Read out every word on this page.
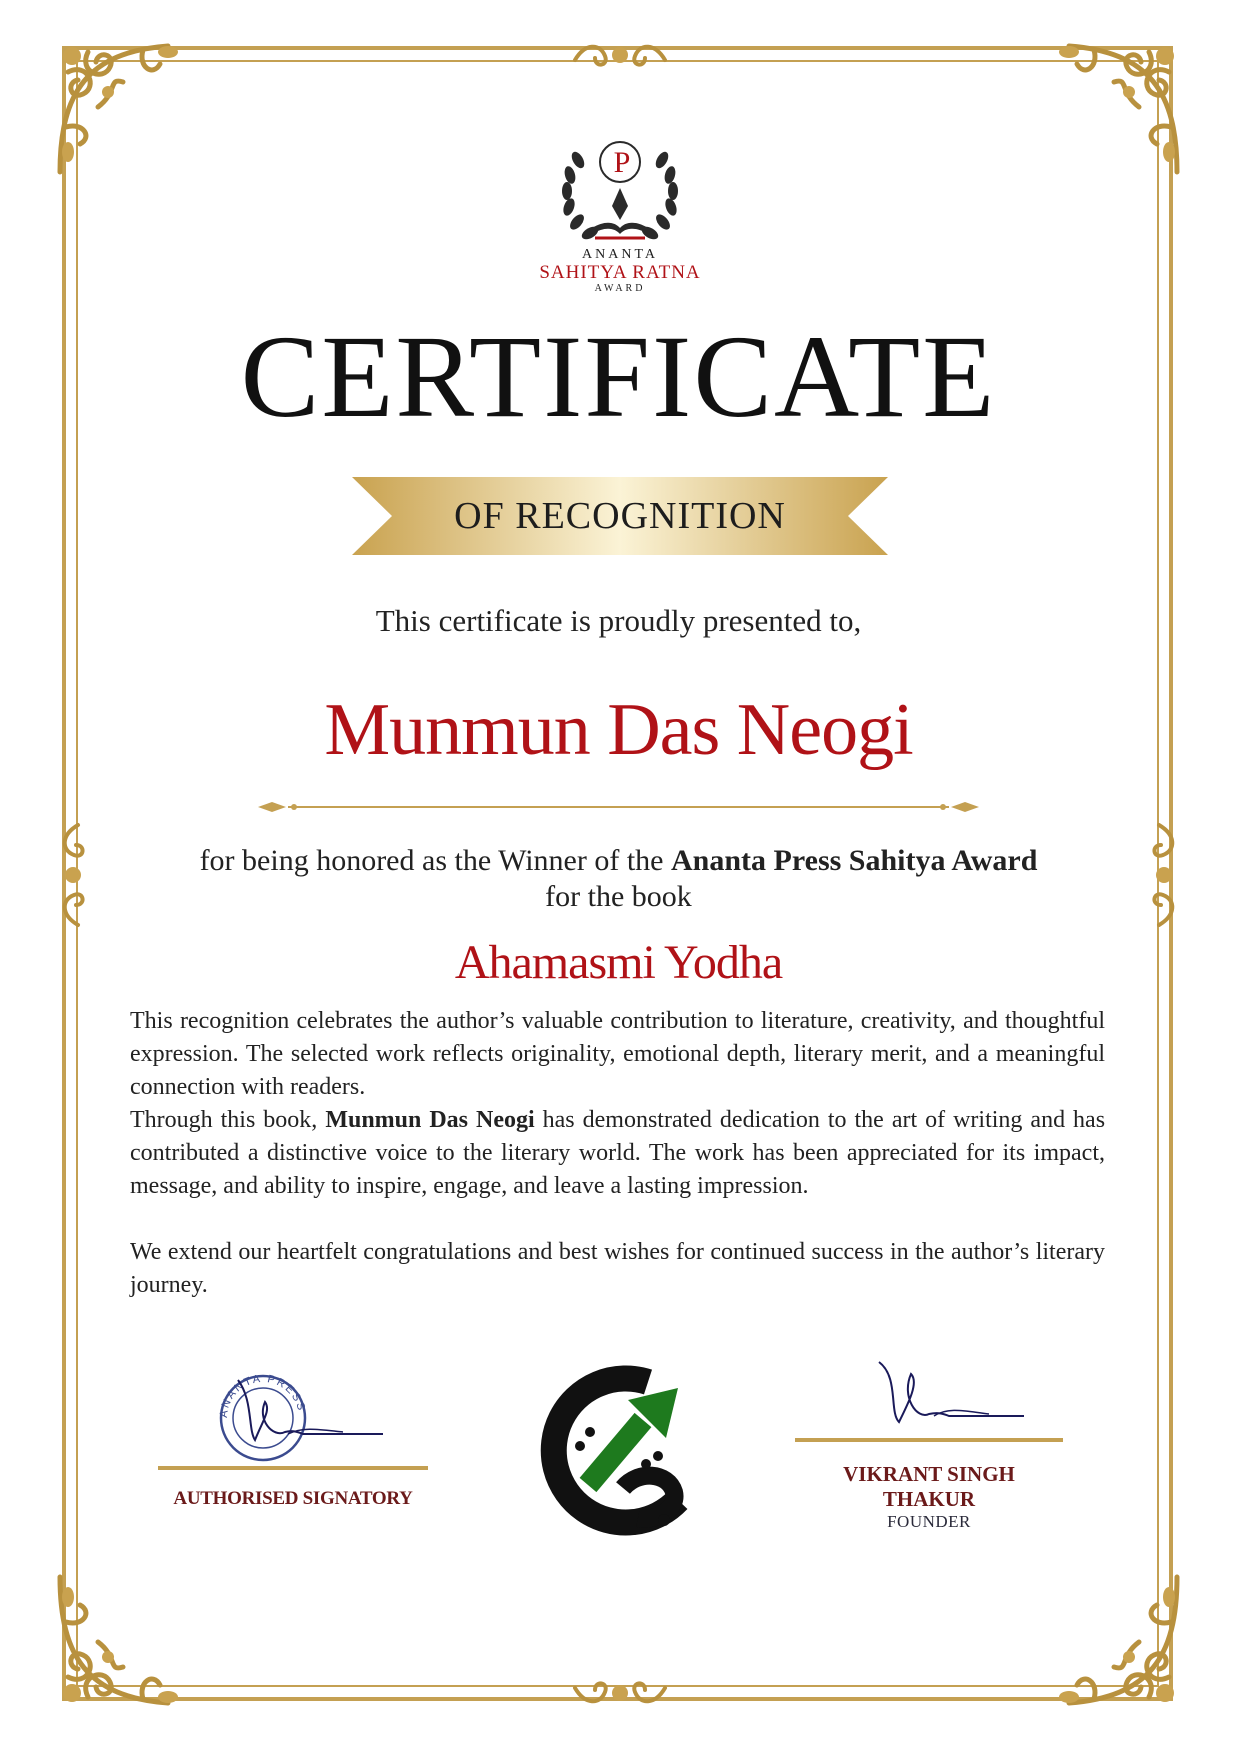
P
ANANTA
SAHITYA RATNA
AWARD
CERTIFICATE
OF RECOGNITION
This certificate is proudly presented to,
Munmun Das Neogi
for being honored as the Winner of the Ananta Press Sahitya Award
for the book
Ahamasmi Yodha

This recognition celebrates the author’s valuable contribution to literature, creativity, and thoughtful expression. The selected work reflects originality, emotional depth, literary merit, and a meaningful connection with readers.

Through this book, Munmun Das Neogi has demonstrated dedication to the art of writing and has contributed a distinctive voice to the literary world. The work has been appreciated for its impact, message, and ability to inspire, engage, and leave a lasting impression.

We extend our heartfelt congratulations and best wishes for continued success in the author’s literary journey.

ANANTA PRESS
AUTHORISED SIGNATORY
VIKRANT SINGH THAKUR
FOUNDER
